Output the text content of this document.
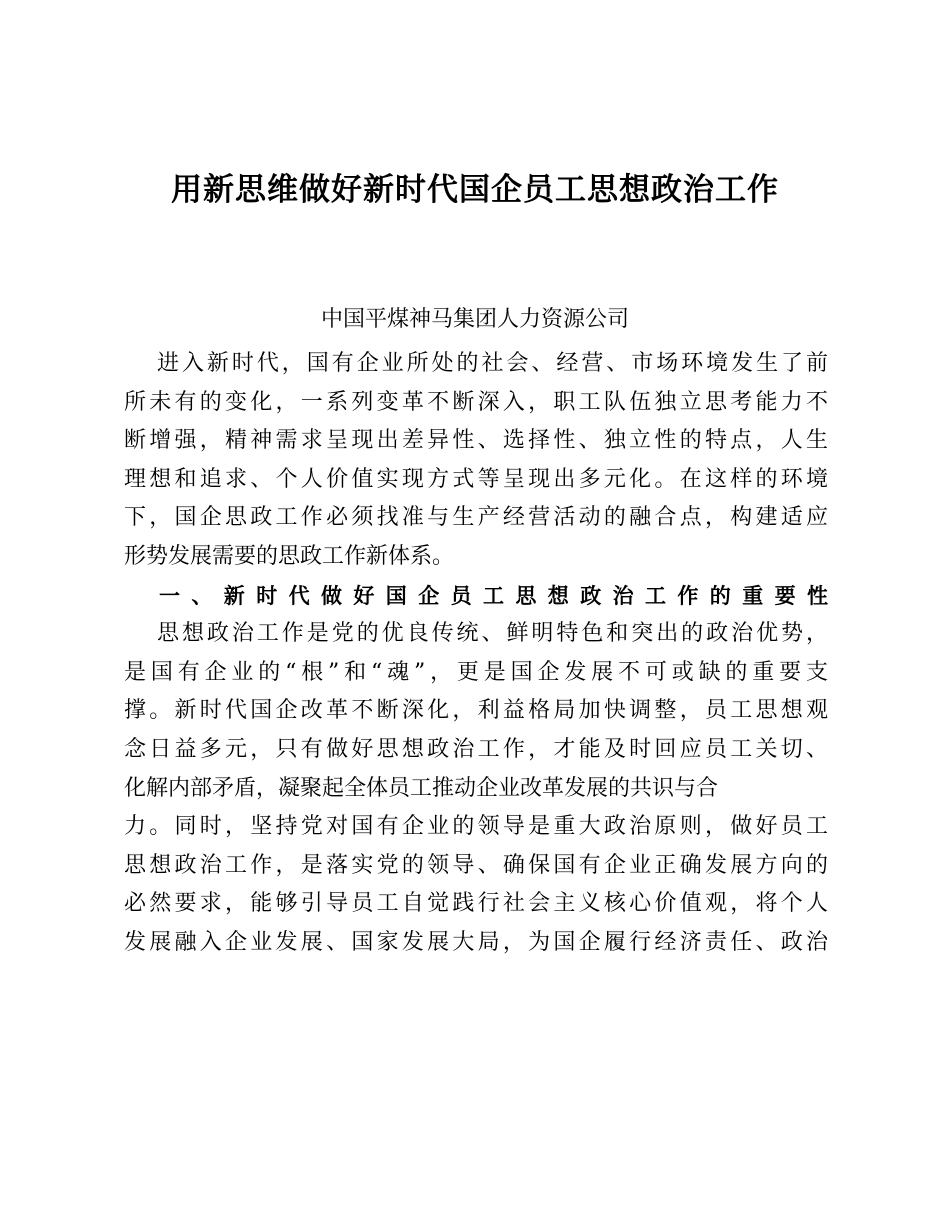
用新思维做好新时代国企员工思想政治工作
中国平煤神马集团人力资源公司

进入新时代，国有企业所处的社会、经营、市场环境发生了前
所未有的变化，一系列变革不断深入，职工队伍独立思考能力不
断增强，精神需求呈现出差异性、选择性、独立性的特点，人生
理想和追求、个人价值实现方式等呈现出多元化。在这样的环境
下，国企思政工作必须找准与生产经营活动的融合点，构建适应
形势发展需要的思政工作新体系。

一、新时代做好国企员工思想政治工作的重要性

思想政治工作是党的优良传统、鲜明特色和突出的政治优势，
是国有企业的“根”和“魂”，更是国企发展不可或缺的重要支
撑。新时代国企改革不断深化，利益格局加快调整，员工思想观
念日益多元，只有做好思想政治工作，才能及时回应员工关切、
化解内部矛盾，凝聚起全体员工推动企业改革发展的共识与合
力。同时，坚持党对国有企业的领导是重大政治原则，做好员工
思想政治工作，是落实党的领导、确保国有企业正确发展方向的
必然要求，能够引导员工自觉践行社会主义核心价值观，将个人
发展融入企业发展、国家发展大局，为国企履行经济责任、政治
